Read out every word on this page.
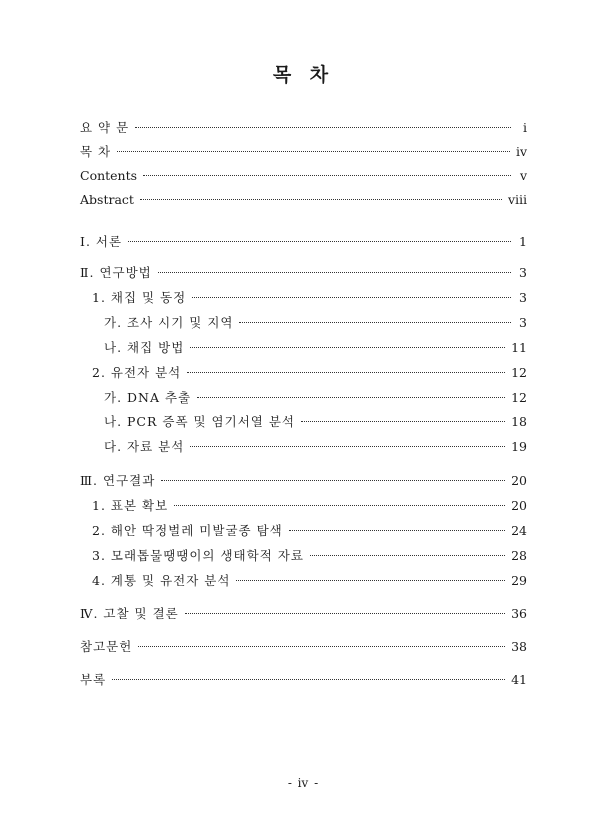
목 차
요 약 문	i
목 차	ⅳ
Contents	v
Abstract	ⅷ
Ⅰ. 서론	1
Ⅱ. 연구방법	3
1. 채집 및 동정	3
가. 조사 시기 및 지역	3
나. 채집 방법	11
2. 유전자 분석	12
가. DNA 추출	12
나. PCR 증폭 및 염기서열 분석	18
다. 자료 분석	19
Ⅲ. 연구결과	20
1. 표본 확보	20
2. 해안 딱정벌레 미발굴종 탐색	24
3. 모래톱물땡땡이의 생태학적 자료	28
4. 계통 및 유전자 분석	29
Ⅳ. 고찰 및 결론	36
참고문헌	38
부록	41
- ⅳ -
